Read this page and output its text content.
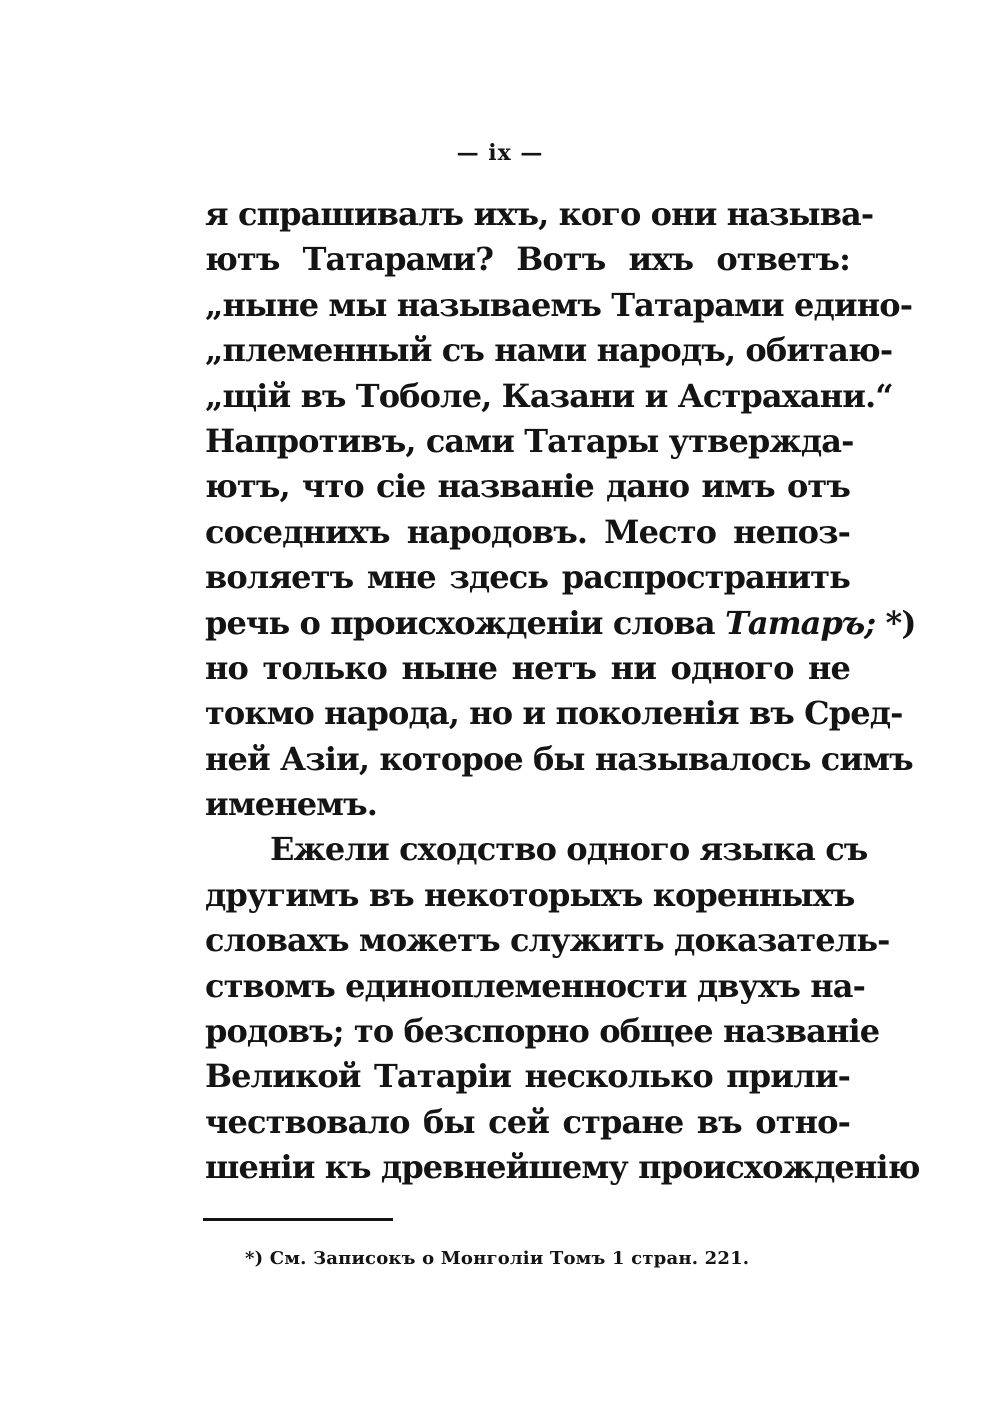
— ix —
я спрашивалъ ихъ, кого они называ-
ютъ Татарами? Вотъ ихъ ответъ:
„ныне мы называемъ Татарами едино-
„племенный съ нами народъ, обитаю-
„щій въ Тоболе, Казани и Астрахани.“
Напротивъ, сами Татары утвержда-
ютъ, что сіе названіе дано имъ отъ
соседнихъ народовъ. Место непоз-
воляетъ мне здесь распространить
речь о происхожденіи слова Татаръ; *)
но только ныне нетъ ни одного не
токмо народа, но и поколенія въ Сред-
ней Азіи, которое бы называлось симъ
именемъ.
Ежели сходство одного языка съ
другимъ въ некоторыхъ коренныхъ
словахъ можетъ служить доказатель-
ствомъ единоплеменности двухъ на-
родовъ; то безспорно общее названіе
Великой Татаріи несколько прили-
чествовало бы сей стране въ отно-
шеніи къ древнейшему происхожденію
*) См. Записокъ о Монголіи Томъ 1 стран. 221.
